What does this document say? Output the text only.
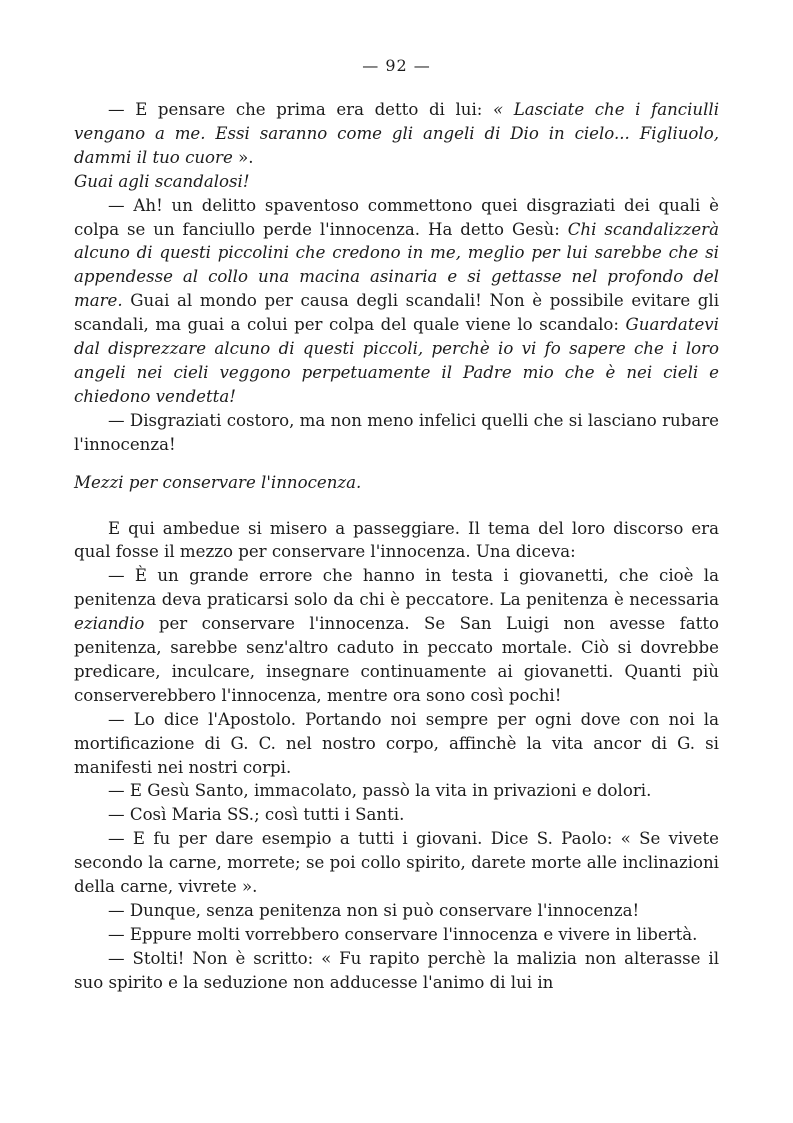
— 92 —

— E pensare che prima era detto di lui: « Lasciate che i fanciulli vengano a me. Essi saranno come gli angeli di Dio in cielo... Figliuolo, dammi il tuo cuore ».

Guai agli scandalosi!

— Ah! un delitto spaventoso commettono quei disgraziati dei quali è colpa se un fanciullo perde l'innocenza. Ha detto Gesù: Chi scandalizzerà alcuno di questi piccolini che credono in me, meglio per lui sarebbe che si appendesse al collo una macina asinaria e si gettasse nel profondo del mare. Guai al mondo per causa degli scandali! Non è possibile evitare gli scandali, ma guai a colui per colpa del quale viene lo scandalo: Guardatevi dal disprezzare alcuno di questi piccoli, perchè io vi fo sapere che i loro angeli nei cieli veggono perpetuamente il Padre mio che è nei cieli e chiedono vendetta!

— Disgraziati costoro, ma non meno infelici quelli che si lasciano rubare l'innocenza!

Mezzi per conservare l'innocenza.

E qui ambedue si misero a passeggiare. Il tema del loro discorso era qual fosse il mezzo per conservare l'innocenza. Una diceva:

— È un grande errore che hanno in testa i giovanetti, che cioè la penitenza deva praticarsi solo da chi è peccatore. La penitenza è necessaria eziandio per conservare l'innocenza. Se San Luigi non avesse fatto penitenza, sarebbe senz'altro caduto in peccato mortale. Ciò si dovrebbe predicare, inculcare, insegnare continuamente ai giovanetti. Quanti più conserverebbero l'innocenza, mentre ora sono così pochi!

— Lo dice l'Apostolo. Portando noi sempre per ogni dove con noi la mortificazione di G. C. nel nostro corpo, affinchè la vita ancor di G. si manifesti nei nostri corpi.

— E Gesù Santo, immacolato, passò la vita in privazioni e dolori.

— Così Maria SS.; così tutti i Santi.

— E fu per dare esempio a tutti i giovani. Dice S. Paolo: « Se vivete secondo la carne, morrete; se poi collo spirito, darete morte alle inclinazioni della carne, vivrete ».

— Dunque, senza penitenza non si può conservare l'innocenza!

— Eppure molti vorrebbero conservare l'innocenza e vivere in libertà.

— Stolti! Non è scritto: « Fu rapito perchè la malizia non alterasse il suo spirito e la seduzione non adducesse l'animo di lui in
